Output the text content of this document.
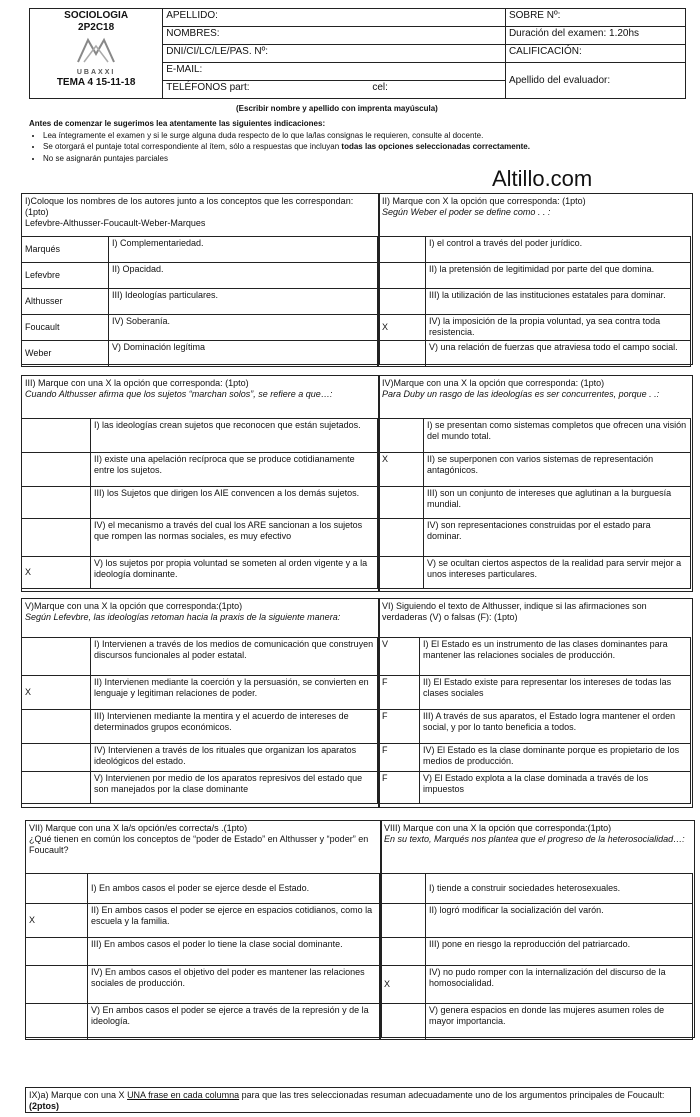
SOCIOLOGIA
2P2C18
UBAXXI
TEMA 4 15-11-18	APELLIDO:	SOBRE Nº:
	NOMBRES:	Duración del examen: 1.20hs
	DNI/CI/LC/LE/PAS. Nº:	CALIFICACIÓN:
	E-MAIL:	Apellido del evaluador:
	TELÉFONOS part: cel:	
(Escribir nombre y apellido con imprenta mayúscula)
Antes de comenzar le sugerimos lea atentamente las siguientes indicaciones:
• Lea íntegramente el examen y si le surge alguna duda respecto de lo que la/las consignas le requieren, consulte al docente.
• Se otorgará el puntaje total correspondiente al ítem, sólo a respuestas que incluyan todas las opciones seleccionadas correctamente.
• No se asignarán puntajes parciales
Altillo.com
I)Coloque los nombres de los autores junto a los conceptos que les correspondan:(1pto)
Lefevbre-Althusser-Foucault-Weber-Marques
Marqués	I) Complementariedad.
Lefevbre	II) Opacidad.
Althusser	III) Ideologías particulares.
Foucault	IV) Soberanía.
Weber	V) Dominación legítima
II) Marque con X la opción que corresponda: (1pto)
Según Weber el poder se define como . . :
	I) el control a través del poder jurídico.
	II) la pretensión de legitimidad por parte del que domina.
	III) la utilización de las instituciones estatales para dominar.
X	IV) la imposición de la propia voluntad, ya sea contra toda resistencia.
	V) una relación de fuerzas que atraviesa todo el campo social.
III) Marque con una X la opción que corresponda: (1pto)
Cuando Althusser afirma que los sujetos “marchan solos”, se refiere a que…:
	I) las ideologías crean sujetos que reconocen que están sujetados.
	II) existe una apelación recíproca que se produce cotidianamente entre los sujetos.
	III) los Sujetos que dirigen los AIE convencen a los demás sujetos.
	IV) el mecanismo a través del cual los ARE sancionan a los sujetos que rompen las normas sociales, es muy efectivo
X	V) los sujetos por propia voluntad se someten al orden vigente y a la ideología dominante.
IV)Marque con una X la opción que corresponda: (1pto)
Para Duby un rasgo de las ideologías es ser concurrentes, porque . .:
	I) se presentan como sistemas completos que ofrecen una visión del mundo total.
X	II) se superponen con varios sistemas de representación antagónicos.
	III) son un conjunto de intereses que aglutinan a la burguesía mundial.
	IV) son representaciones construidas por el estado para dominar.
	V) se ocultan ciertos aspectos de la realidad para servir mejor a unos intereses particulares.
V)Marque con una X la opción que corresponda:(1pto)
Según Lefevbre, las ideologías retoman hacia la praxis de la siguiente manera:
	I) Intervienen a través de los medios de comunicación que construyen discursos funcionales al poder estatal.
X	II) Intervienen mediante la coerción y la persuasión, se convierten en lenguaje y legitiman relaciones de poder.
	III) Intervienen mediante la mentira y el acuerdo de intereses de determinados grupos económicos.
	IV) Intervienen a través de los rituales que organizan los aparatos ideológicos del estado.
	V) Intervienen por medio de los aparatos represivos del estado que son manejados por la clase dominante
VI) Siguiendo el texto de Althusser, indique si las afirmaciones son verdaderas (V) o falsas (F): (1pto)
V	I) El Estado es un instrumento de las clases dominantes para mantener las relaciones sociales de producción.
F	II) El Estado existe para representar los intereses de todas las clases sociales
F	III) A través de sus aparatos, el Estado logra mantener el orden social, y por lo tanto beneficia a todos.
F	IV) El Estado es la clase dominante porque es propietario de los medios de producción.
F	V) El Estado explota a la clase dominada a través de los impuestos
VII) Marque con una X la/s opción/es correcta/s .(1pto)
¿Qué tienen en común los conceptos de “poder de Estado” en Althusser y “poder” en Foucault?
	I) En ambos casos el poder se ejerce desde el Estado.
X	II) En ambos casos el poder se ejerce en espacios cotidianos, como la escuela y la familia.
	III) En ambos casos el poder lo tiene la clase social dominante.
	IV) En ambos casos el objetivo del poder es mantener las relaciones sociales de producción.
	V) En ambos casos el poder se ejerce a través de la represión y de la ideología.
VIII) Marque con una X la opción que corresponda:(1pto)
En su texto, Marqués nos plantea que el progreso de la heterosocialidad…:
	I) tiende a construir sociedades heterosexuales.
	II) logró modificar la socialización del varón.
	III) pone en riesgo la reproducción del patriarcado.
X	IV) no pudo romper con la internalización del discurso de la homosocialidad.
	V) genera espacios en donde las mujeres asumen roles de mayor importancia.
IX)a) Marque con una X UNA frase en cada columna para que las tres seleccionadas resuman adecuadamente uno de los argumentos principales de Foucault: (2ptos)
